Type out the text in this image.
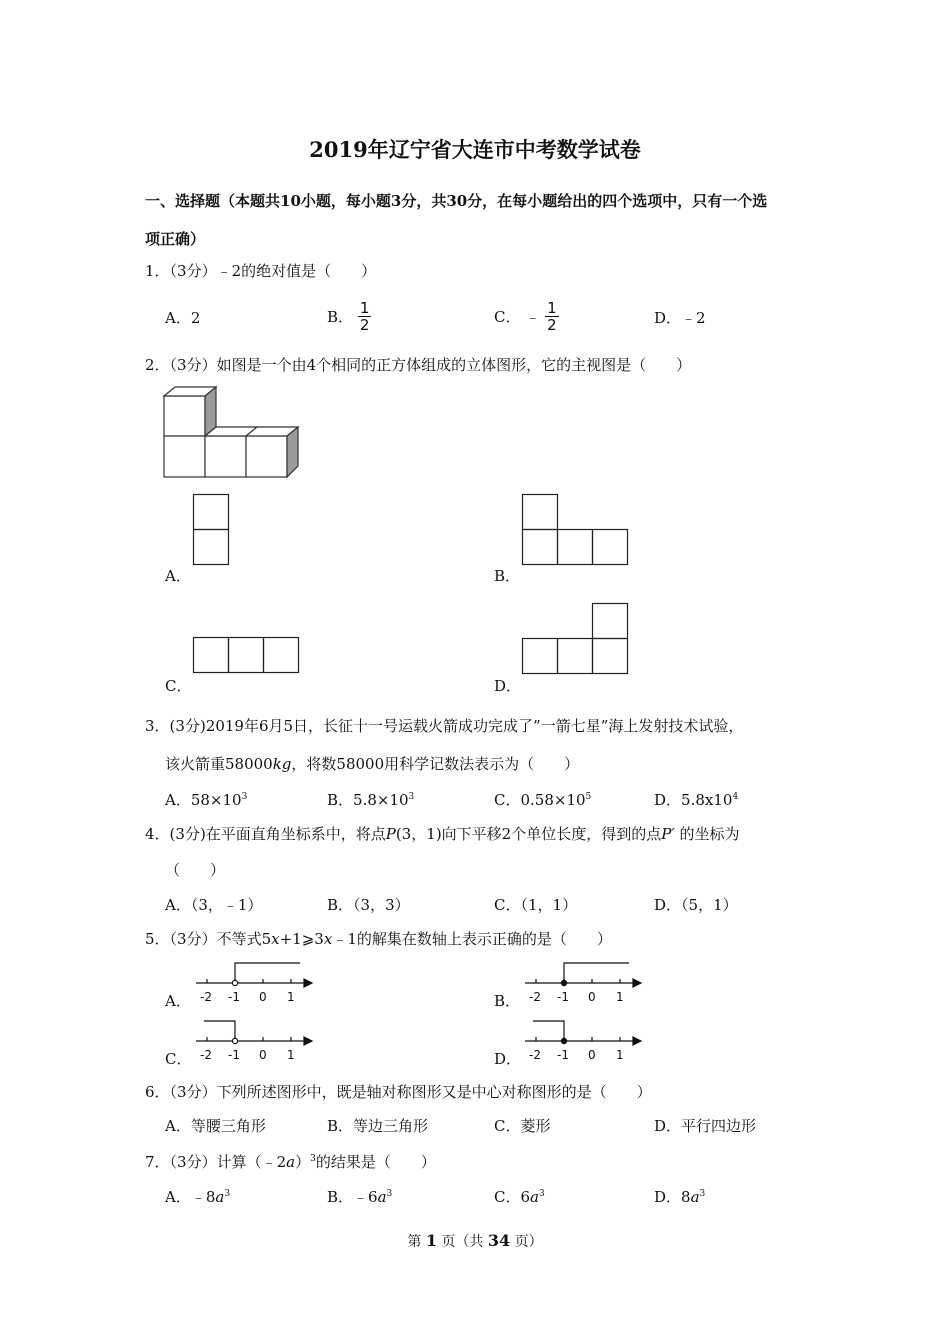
2019年辽宁省大连市中考数学试卷
一、选择题（本题共10小题，每小题3分，共30分，在每小题给出的四个选项中，只有一个选
项正确）
1．（3分）﹣2的绝对值是（　　）
A．2	B． $\frac{1}{2}$	C． ﹣ $\frac{1}{2}$	D．﹣2
2．（3分）如图是一个由4个相同的正方体组成的立体图形，它的主视图是（　　）
A．	B．
C．	D．
3．(3分)2019年6月5日，长征十一号运载火箭成功完成了”一箭七星”海上发射技术试验，
该火箭重58000kg，将数58000用科学记数法表示为（　　）
A．$58\times 10^3$	B．$5.8\times 10^3$	C．$0.58\times 10^5$	D．$5.8x10^4$
4．(3分)在平面直角坐标系中，将点P(3，1)向下平移2个单位长度，得到的点P′ 的坐标为
（　　）
A．（3，﹣1）	B．（3，3）	C．（1，1）	D．（5，1）
5．（3分）不等式5x+1⩾3x﹣1的解集在数轴上表示正确的是（　　）
A． -2 -1 0 1	B． -2 -1 0 1
C． -2 -1 0 1	D． -2 -1 0 1
6．（3分）下列所述图形中，既是轴对称图形又是中心对称图形的是（　　）
A．等腰三角形	B．等边三角形	C．菱形	D．平行四边形
7．（3分）计算（﹣2a）$^3$的结果是（　　）
A．$﹣8a^3$	B．$﹣6a^3$	C．$6a^3$	D．$8a^3$
第 1 页（共 34 页）
